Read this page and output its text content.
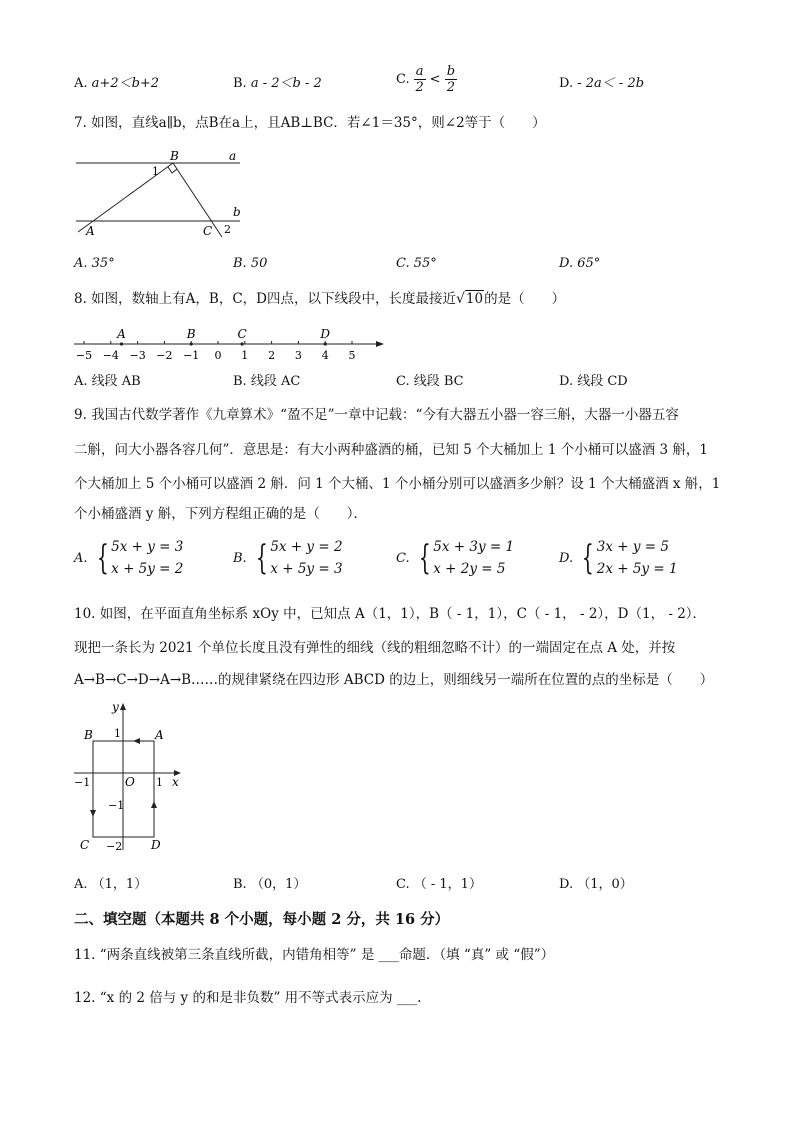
A. a+2＜b+2	B. a - 2＜b - 2	C. $\frac{a}{2} < \frac{b}{2}$	D. - 2a＜ - 2b
7. 如图，直线a∥b，点B在a上，且AB⊥BC．若∠1＝35°，则∠2等于（　　）
B	a
b
1
A	C 2
A. 35°	B. 50	C. 55°	D. 65°
8. 如图，数轴上有A，B，C，D四点，以下线段中，长度最接近√10的是（　　）
−5 −4 −3 −2 −1 0 1 2 3 4 5
A	B	C	D
A. 线段 AB	B. 线段 AC	C. 线段 BC	D. 线段 CD
9. 我国古代数学著作《九章算术》“盈不足”一章中记载：“今有大器五小器一容三斛，大器一小器五容
二斛，问大小器各容几何”．意思是：有大小两种盛酒的桶，已知 5 个大桶加上 1 个小桶可以盛酒 3 斛，1
个大桶加上 5 个小桶可以盛酒 2 斛．问 1 个大桶、1 个小桶分别可以盛酒多少斛？设 1 个大桶盛酒 x 斛，1
个小桶盛酒 y 斛，下列方程组正确的是（　　）．
A. { 5x + y = 3
x + 5y = 2
B. { 5x + y = 2
x + 5y = 3
C. { 5x + 3y = 1
x + 2y = 5
D. { 3x + y = 5
2x + 5y = 1
10. 如图，在平面直角坐标系 xOy 中，已知点 A（1，1），B（ - 1，1），C（ - 1， - 2），D（1， - 2）．
现把一条长为 2021 个单位长度且没有弹性的细线（线的粗细忽略不计）的一端固定在点 A 处，并按
A→B→C→D→A→B……的规律紧绕在四边形 ABCD 的边上，则细线另一端所在位置的点的坐标是（　　）
y
x
O
B	A
C	D
1
−1	1
−1
−2
A. （1，1）	B. （0，1）	C. （ - 1，1）	D. （1，0）
二、填空题（本题共 8 个小题，每小题 2 分，共 16 分）
11. “两条直线被第三条直线所截，内错角相等” 是 ___命题．（填 “真” 或 “假”）
12. “x 的 2 倍与 y 的和是非负数” 用不等式表示应为 ___.
